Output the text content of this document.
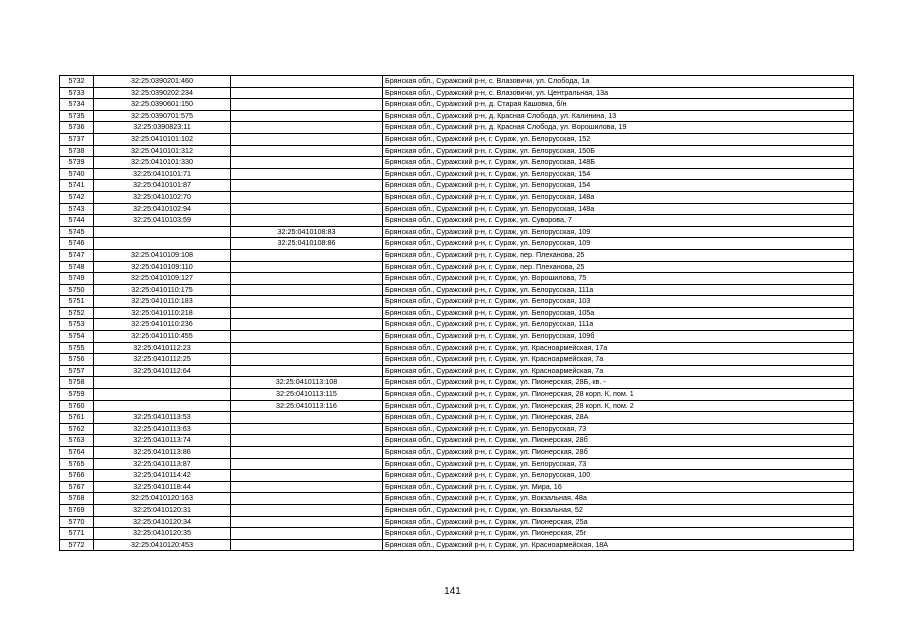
5732	32:25:0390201:460		Брянская обл., Суражский р-н, с. Влазовичи, ул. Слобода, 1а
5733	32:25:0390202:234		Брянская обл., Суражский р-н, с. Влазовичи, ул. Центральная, 13а
5734	32:25:0390601:150		Брянская обл., Суражский р-н, д. Старая Кашовка, б/н
5735	32:25:0390701:575		Брянская обл., Суражский р-н, д. Красная Слобода, ул. Калинина, 13
5736	32:25:0390823:11		Брянская обл., Суражский р-н, д. Красная Слобода, ул. Ворошилова, 19
5737	32:25:0410101:102		Брянская обл., Суражский р-н, г. Сураж, ул. Белорусская, 152
5738	32:25:0410101:312		Брянская обл., Суражский р-н, г. Сураж, ул. Белорусская, 150Б
5739	32:25:0410101:330		Брянская обл., Суражский р-н, г. Сураж, ул. Белорусская, 148Б
5740	32:25:0410101:71		Брянская обл., Суражский р-н, г. Сураж, ул. Белорусская, 154
5741	32:25:0410101:87		Брянская обл., Суражский р-н, г. Сураж, ул. Белорусская, 154
5742	32:25:0410102:70		Брянская обл., Суражский р-н, г. Сураж, ул. Белорусская, 148а
5743	32:25:0410102:94		Брянская обл., Суражский р-н, г. Сураж, ул. Белорусская, 148а
5744	32:25:0410103:59		Брянская обл., Суражский р-н, г. Сураж, ул. Суворова, 7
5745		32:25:0410108:83	Брянская обл., Суражский р-н, г. Сураж, ул. Белорусская, 109
5746		32:25:0410108:86	Брянская обл., Суражский р-н, г. Сураж, ул. Белорусская, 109
5747	32:25:0410109:108		Брянская обл., Суражский р-н, г. Сураж, пер. Плеханова, 25
5748	32:25:0410109:110		Брянская обл., Суражский р-н, г. Сураж, пер. Плеханова, 25
5749	32:25:0410109:127		Брянская обл., Суражский р-н, г. Сураж, ул. Ворошилова, 75
5750	32:25:0410110:175		Брянская обл., Суражский р-н, г. Сураж, ул. Белорусская, 111а
5751	32:25:0410110:183		Брянская обл., Суражский р-н, г. Сураж, ул. Белорусская, 103
5752	32:25:0410110:218		Брянская обл., Суражский р-н, г. Сураж, ул. Белорусская, 105а
5753	32:25:0410110:236		Брянская обл., Суражский р-н, г. Сураж, ул. Белорусская, 111а
5754	32:25:0410110:455		Брянская обл., Суражский р-н, г. Сураж, ул. Белорусская, 109б
5755	32:25:0410112:23		Брянская обл., Суражский р-н, г. Сураж, ул. Красноармейская, 17а
5756	32:25:0410112:25		Брянская обл., Суражский р-н, г. Сураж, ул. Красноармейская, 7а
5757	32:25:0410112:64		Брянская обл., Суражский р-н, г. Сураж, ул. Красноармейская, 7а
5758		32:25:0410113:108	Брянская обл., Суражский р-н, г. Сураж, ул. Пионерская, 28Б, кв. -
5759		32:25:0410113:115	Брянская обл., Суражский р-н, г. Сураж, ул. Пионерская, 28 корп. К, пом. 1
5760		32:25:0410113:116	Брянская обл., Суражский р-н, г. Сураж, ул. Пионерская, 28 корп. К, пом. 2
5761	32:25:0410113:53		Брянская обл., Суражский р-н, г. Сураж, ул. Пионерская, 28А
5762	32:25:0410113:63		Брянская обл., Суражский р-н, г. Сураж, ул. Белорусская, 73
5763	32:25:0410113:74		Брянская обл., Суражский р-н, г. Сураж, ул. Пионерская, 28б
5764	32:25:0410113:86		Брянская обл., Суражский р-н, г. Сураж, ул. Пионерская, 28б
5765	32:25:0410113:87		Брянская обл., Суражский р-н, г. Сураж, ул. Белорусская, 73
5766	32:25:0410114:42		Брянская обл., Суражский р-н, г. Сураж, ул. Белорусская, 100
5767	32:25:0410118:44		Брянская обл., Суражский р-н, г. Сураж, ул. Мира, 16
5768	32:25:0410120:163		Брянская обл., Суражский р-н, г. Сураж, ул. Вокзальная, 48а
5769	32:25:0410120:31		Брянская обл., Суражский р-н, г. Сураж, ул. Вокзальная, 52
5770	32:25:0410120:34		Брянская обл., Суражский р-н, г. Сураж, ул. Пионерская, 25а
5771	32:25:0410120:35		Брянская обл., Суражский р-н, г. Сураж, ул. Пионерская, 25г
5772	32:25:0410120:453		Брянская обл., Суражский р-н, г. Сураж, ул. Красноармейская, 18А
141
